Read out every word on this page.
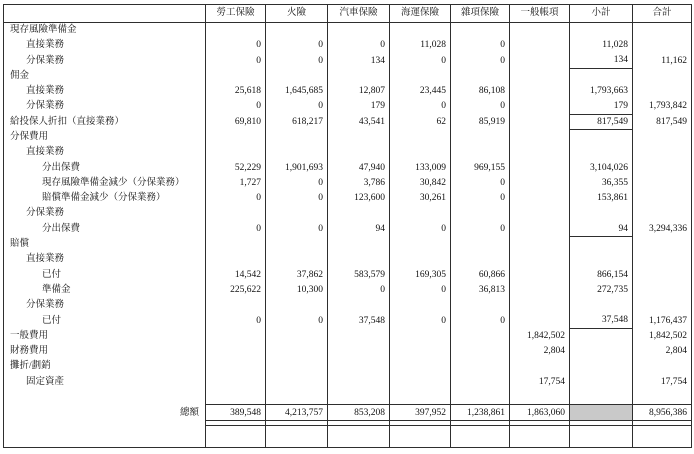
	勞工保險	火險	汽車保險	海運保險	雜項保險	一般帳項	小計	合計
現存風險準備金								
直接業務	0	0	0	11,028	0		11,028	
分保業務	0	0	134	0	0		134	11,162
佣金								
直接業務	25,618	1,645,685	12,807	23,445	86,108		1,793,663	
分保業務	0	0	179	0	0		179	1,793,842
給投保人折扣（直接業務）	69,810	618,217	43,541	62	85,919		817,549	817,549
分保費用								
直接業務								
分出保費	52,229	1,901,693	47,940	133,009	969,155		3,104,026	
現存風險準備金減少（分保業務）	1,727	0	3,786	30,842	0		36,355	
賠償準備金減少（分保業務）	0	0	123,600	30,261	0		153,861	
分保業務								
分出保費	0	0	94	0	0		94	3,294,336
賠償								
直接業務								
已付	14,542	37,862	583,579	169,305	60,866		866,154	
準備金	225,622	10,300	0	0	36,813		272,735	
分保業務								
已付	0	0	37,548	0	0		37,548	1,176,437
一般費用						1,842,502		1,842,502
財務費用						2,804		2,804
攤折/劃銷								
固定資產						17,754		17,754

總額	389,548	4,213,757	853,208	397,952	1,238,861	1,863,060		8,956,386
